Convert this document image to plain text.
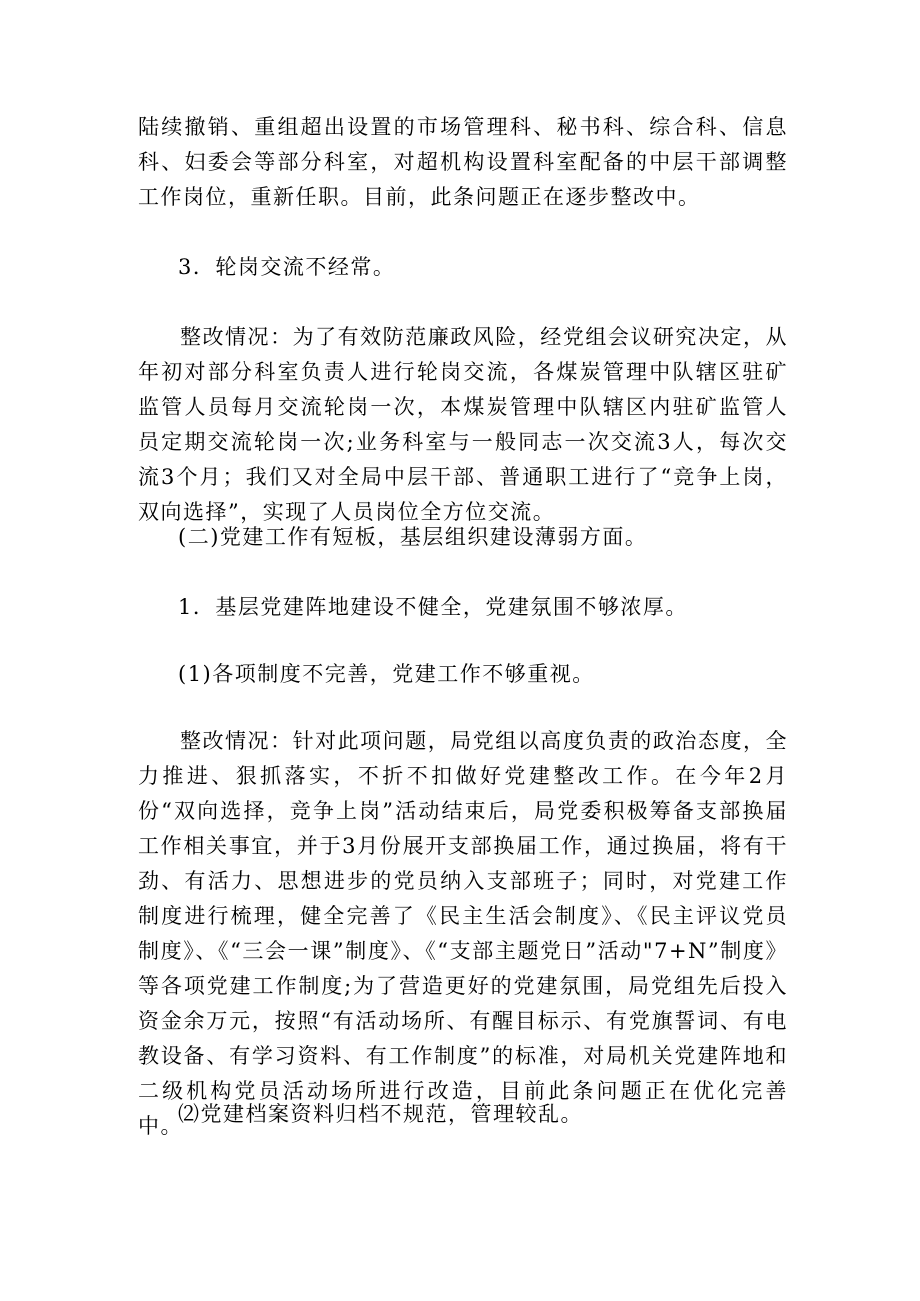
陆续撤销、重组超出设置的市场管理科、秘书科、综合科、信息科、妇委会等部分科室，对超机构设置科室配备的中层干部调整工作岗位，重新任职。目前，此条问题正在逐步整改中。

3．轮岗交流不经常。

整改情况：为了有效防范廉政风险，经党组会议研究决定，从年初对部分科室负责人进行轮岗交流，各煤炭管理中队辖区驻矿监管人员每月交流轮岗一次，本煤炭管理中队辖区内驻矿监管人员定期交流轮岗一次;业务科室与一般同志一次交流3人，每次交流3个月；我们又对全局中层干部、普通职工进行了“竞争上岗，双向选择”，实现了人员岗位全方位交流。

(二)党建工作有短板，基层组织建设薄弱方面。

1．基层党建阵地建设不健全，党建氛围不够浓厚。

(1)各项制度不完善，党建工作不够重视。

整改情况：针对此项问题，局党组以高度负责的政治态度，全力推进、狠抓落实，不折不扣做好党建整改工作。在今年2月份“双向选择，竞争上岗”活动结束后，局党委积极筹备支部换届工作相关事宜，并于3月份展开支部换届工作，通过换届，将有干劲、有活力、思想进步的党员纳入支部班子；同时，对党建工作制度进行梳理，健全完善了《民主生活会制度》、《民主评议党员制度》、《“三会一课”制度》、《“支部主题党日”活动"7+N”制度》等各项党建工作制度;为了营造更好的党建氛围，局党组先后投入资金余万元，按照“有活动场所、有醒目标示、有党旗誓词、有电教设备、有学习资料、有工作制度”的标准，对局机关党建阵地和二级机构党员活动场所进行改造，目前此条问题正在优化完善中。

⑵党建档案资料归档不规范，管理较乱。
